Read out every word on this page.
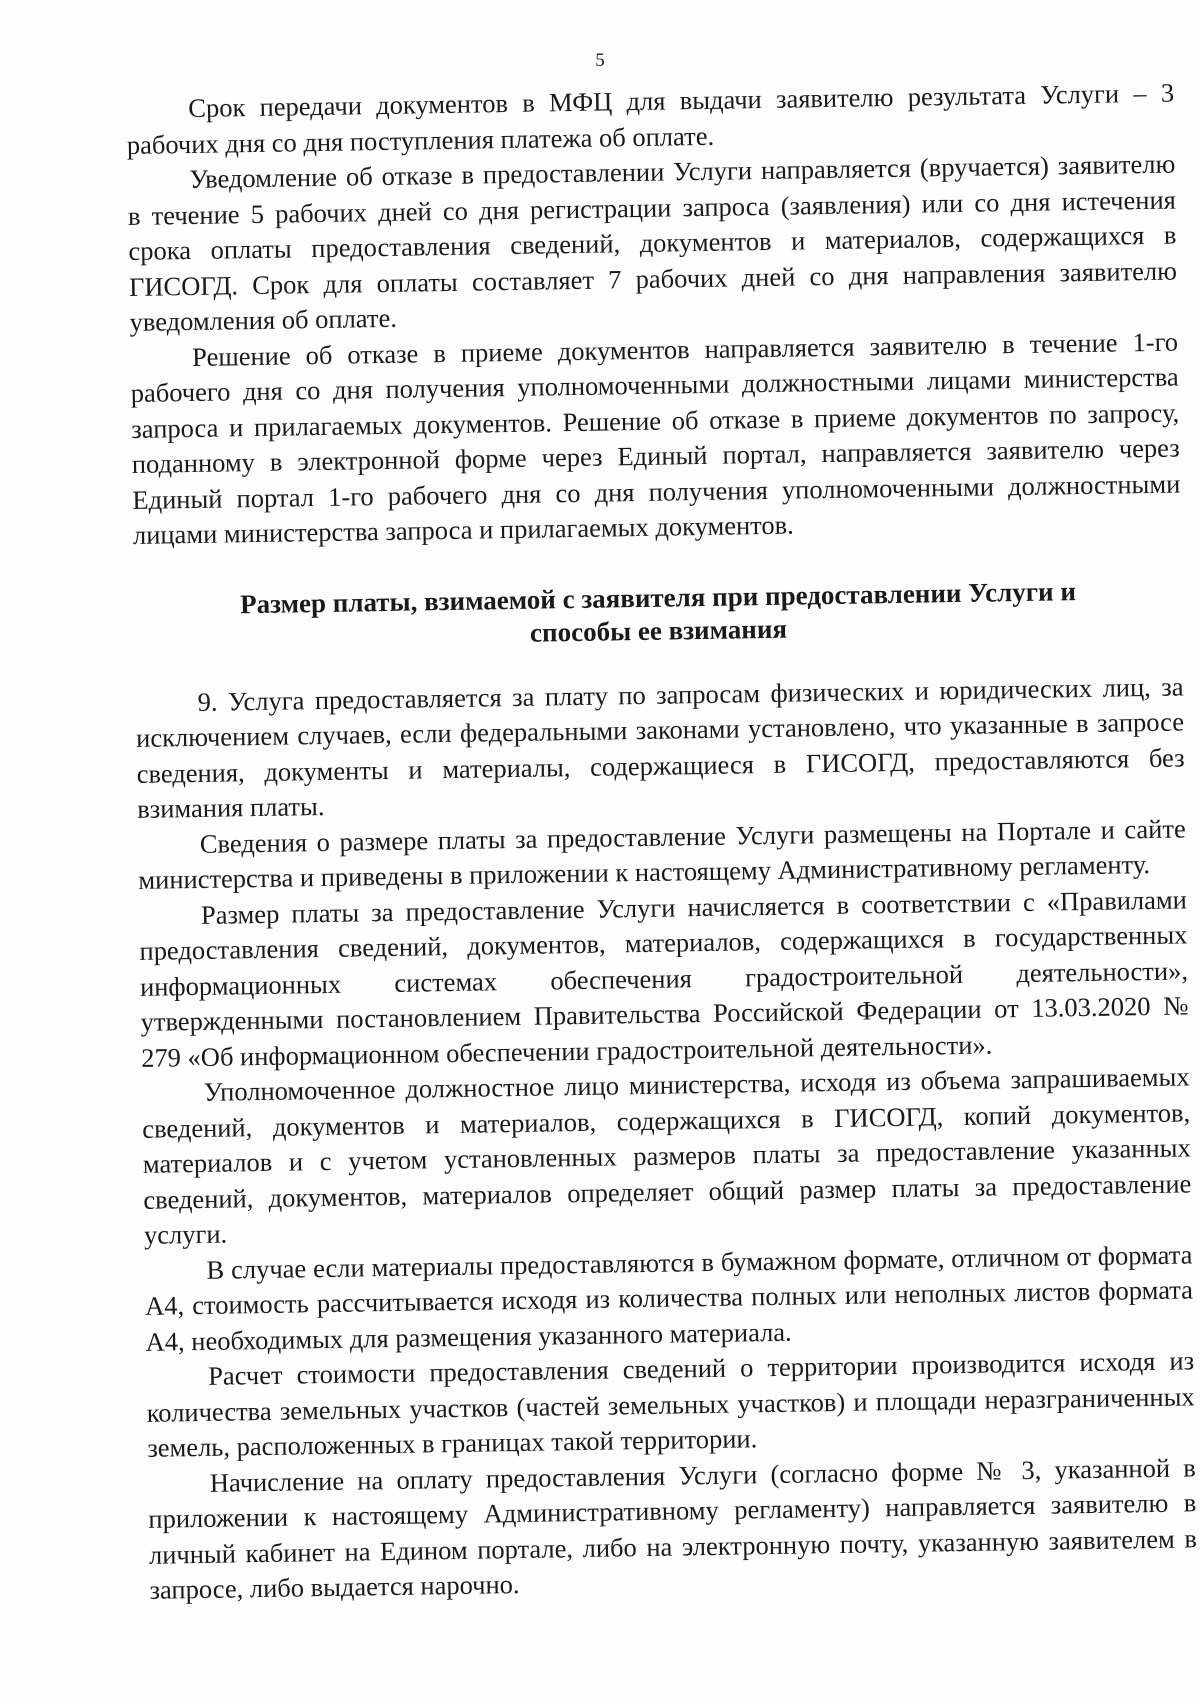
5

Срок передачи документов в МФЦ для выдачи заявителю результата Услуги – 3 рабочих дня со дня поступления платежа об оплате.

Уведомление об отказе в предоставлении Услуги направляется (вручается) заявителю в течение 5 рабочих дней со дня регистрации запроса (заявления) или со дня истечения срока оплаты предоставления сведений, документов и материалов, содержащихся в ГИСОГД. Срок для оплаты составляет 7 рабочих дней со дня направления заявителю уведомления об оплате.

Решение об отказе в приеме документов направляется заявителю в течение 1-го рабочего дня со дня получения уполномоченными должностными лицами министерства запроса и прилагаемых документов. Решение об отказе в приеме документов по запросу, поданному в электронной форме через Единый портал, направляется заявителю через Единый портал 1-го рабочего дня со дня получения уполномоченными должностными лицами министерства запроса и прилагаемых документов.

Размер платы, взимаемой с заявителя при предоставлении Услуги и
способы ее взимания

9. Услуга предоставляется за плату по запросам физических и юридических лиц, за исключением случаев, если федеральными законами установлено, что указанные в запросе сведения, документы и материалы, содержащиеся в ГИСОГД, предоставляются без взимания платы.

Сведения о размере платы за предоставление Услуги размещены на Портале и сайте министерства и приведены в приложении к настоящему Административному регламенту.

Размер платы за предоставление Услуги начисляется в соответствии с «Правилами предоставления сведений, документов, материалов, содержащихся в государственных информационных системах обеспечения градостроительной деятельности», утвержденными постановлением Правительства Российской Федерации от 13.03.2020 № 279 «Об информационном обеспечении градостроительной деятельности».

Уполномоченное должностное лицо министерства, исходя из объема запрашиваемых сведений, документов и материалов, содержащихся в ГИСОГД, копий документов, материалов и с учетом установленных размеров платы за предоставление указанных сведений, документов, материалов определяет общий размер платы за предоставление услуги.

В случае если материалы предоставляются в бумажном формате, отличном от формата А4, стоимость рассчитывается исходя из количества полных или неполных листов формата А4, необходимых для размещения указанного материала.

Расчет стоимости предоставления сведений о территории производится исходя из количества земельных участков (частей земельных участков) и площади неразграниченных земель, расположенных в границах такой территории.

Начисление на оплату предоставления Услуги (согласно форме № 3, указанной в приложении к настоящему Административному регламенту) направляется заявителю в личный кабинет на Едином портале, либо на электронную почту, указанную заявителем в запросе, либо выдается нарочно.
